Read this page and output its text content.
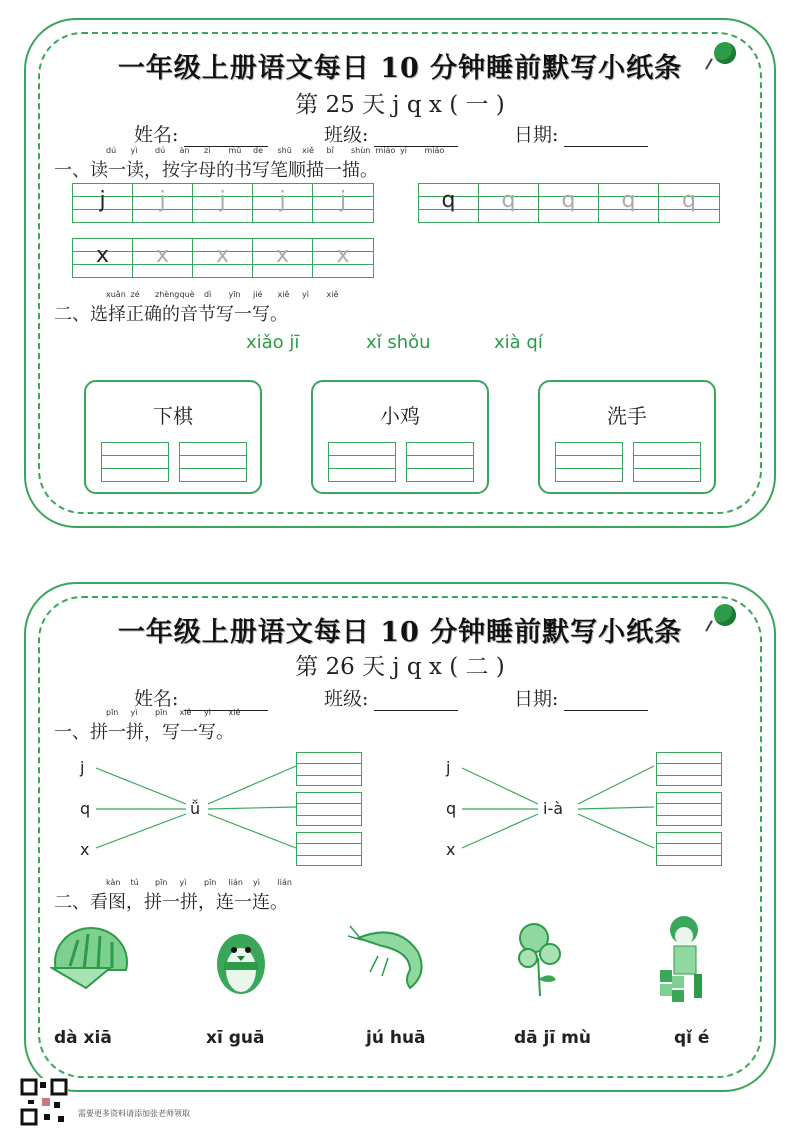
一年级上册语文每日 10 分钟睡前默写小纸条
第 25 天 j q x ( 一 )
姓名:	班级:	日期:
dú yì dú àn zì mǔ de shū xiě bǐ shùn miáo yì miáo
一、读一读，按字母的书写笔顺描一描。
j	j	j	j	j	q	q	q	q	q
x	x	x	x	x
xuǎn zé zhèng què dì yīn jié xiě yì xiě
二、选择正确的音节写一写。
xiǎo jī	xǐ shǒu	xià qí
下棋	小鸡	洗手
一年级上册语文每日 10 分钟睡前默写小纸条
第 26 天 j q x ( 二 )
姓名:	班级:	日期:
pīn yì pīn xiě yì xiě
一、拼一拼，写一写。
j
q
x
ǚ
j
q
x
i-à
kàn tú pīn yì pīn lián yì lián
二、看图，拼一拼，连一连。
dà xiā	xī guā	jú huā	dā jī mù	qǐ é
需要更多资料请添加张老师领取
